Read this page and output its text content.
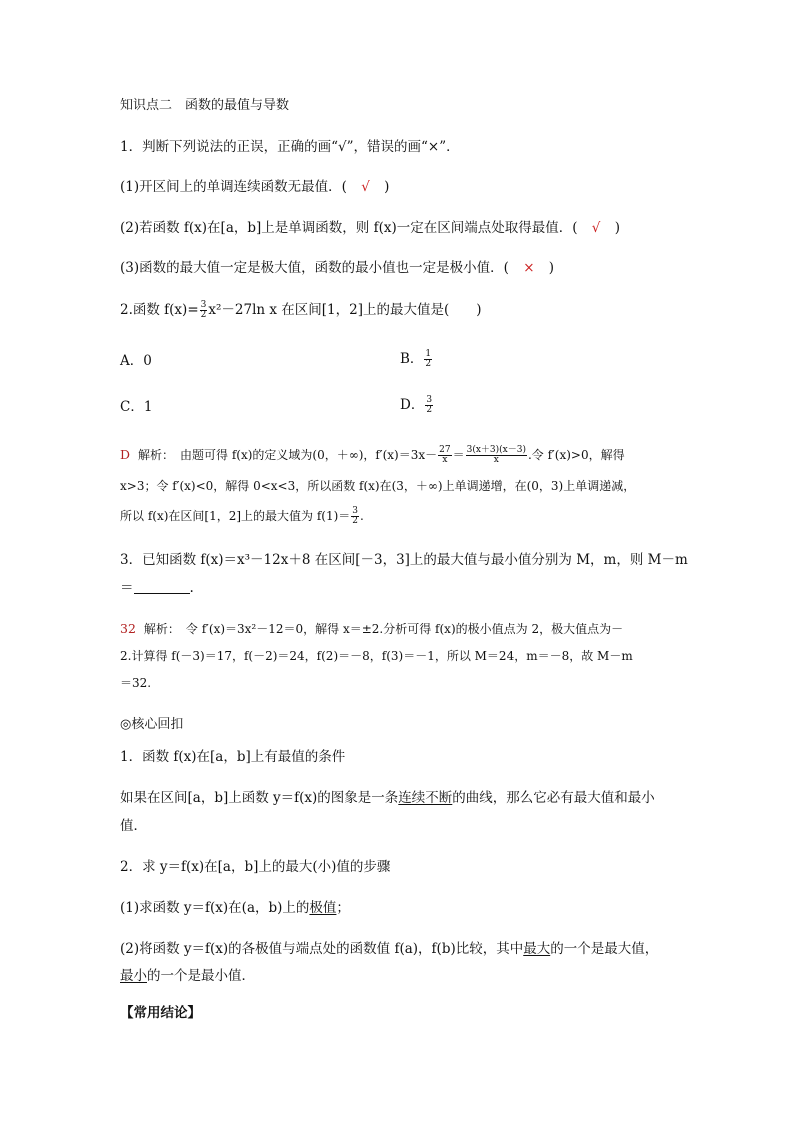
知识点二　函数的最值与导数
1．判断下列说法的正误，正确的画“√”，错误的画“×”．
(1)开区间上的单调连续函数无最值．( √ )
(2)若函数 f(x)在[a，b]上是单调函数，则 f(x)一定在区间端点处取得最值．( √ )
(3)函数的最大值一定是极大值，函数的最小值也一定是极小值．( × )
2.函数 $f(x)= \frac{3}{2} x^2-27\ln$ x 在区间[1，2]上的最大值是(　　)
A．0	B． $\frac{1}{2}$
C．1	D． $\frac{3}{2}$
D 解析： 由题可得 f(x)的定义域为(0，＋∞)，$f'(x)=3x- \frac{27}{x} = \frac{3(x+3)(x-3)}{x}$ .令 f′(x)>0，解得
x>3；令 f′(x)<0，解得 0<x<3，所以函数 f(x)在(3，＋∞)上单调递增，在(0，3)上单调递减，
所以 f(x)在区间[1，2]上的最大值为 $f(1)= \frac{3}{2}$ .
3．已知函数 f(x)＝x³－12x＋8 在区间[－3，3]上的最大值与最小值分别为 M，m，则 M－m
＝	.
32 解析： 令 f′(x)＝3x²－12＝0，解得 x＝±2.分析可得 f(x)的极小值点为 2，极大值点为－
2.计算得 f(－3)＝17，f(－2)＝24，f(2)＝－8，f(3)＝－1，所以 M＝24，m＝－8，故 M－m
＝32.
◎核心回扣
1．函数 f(x)在[a，b]上有最值的条件
如果在区间[a，b]上函数 y＝f(x)的图象是一条连续不断的曲线，那么它必有最大值和最小
值．
2．求 y＝f(x)在[a，b]上的最大(小)值的步骤
(1)求函数 y＝f(x)在(a，b)上的极值；
(2)将函数 y＝f(x)的各极值与端点处的函数值 f(a)，f(b)比较，其中最大的一个是最大值，
最小的一个是最小值．
【常用结论】
